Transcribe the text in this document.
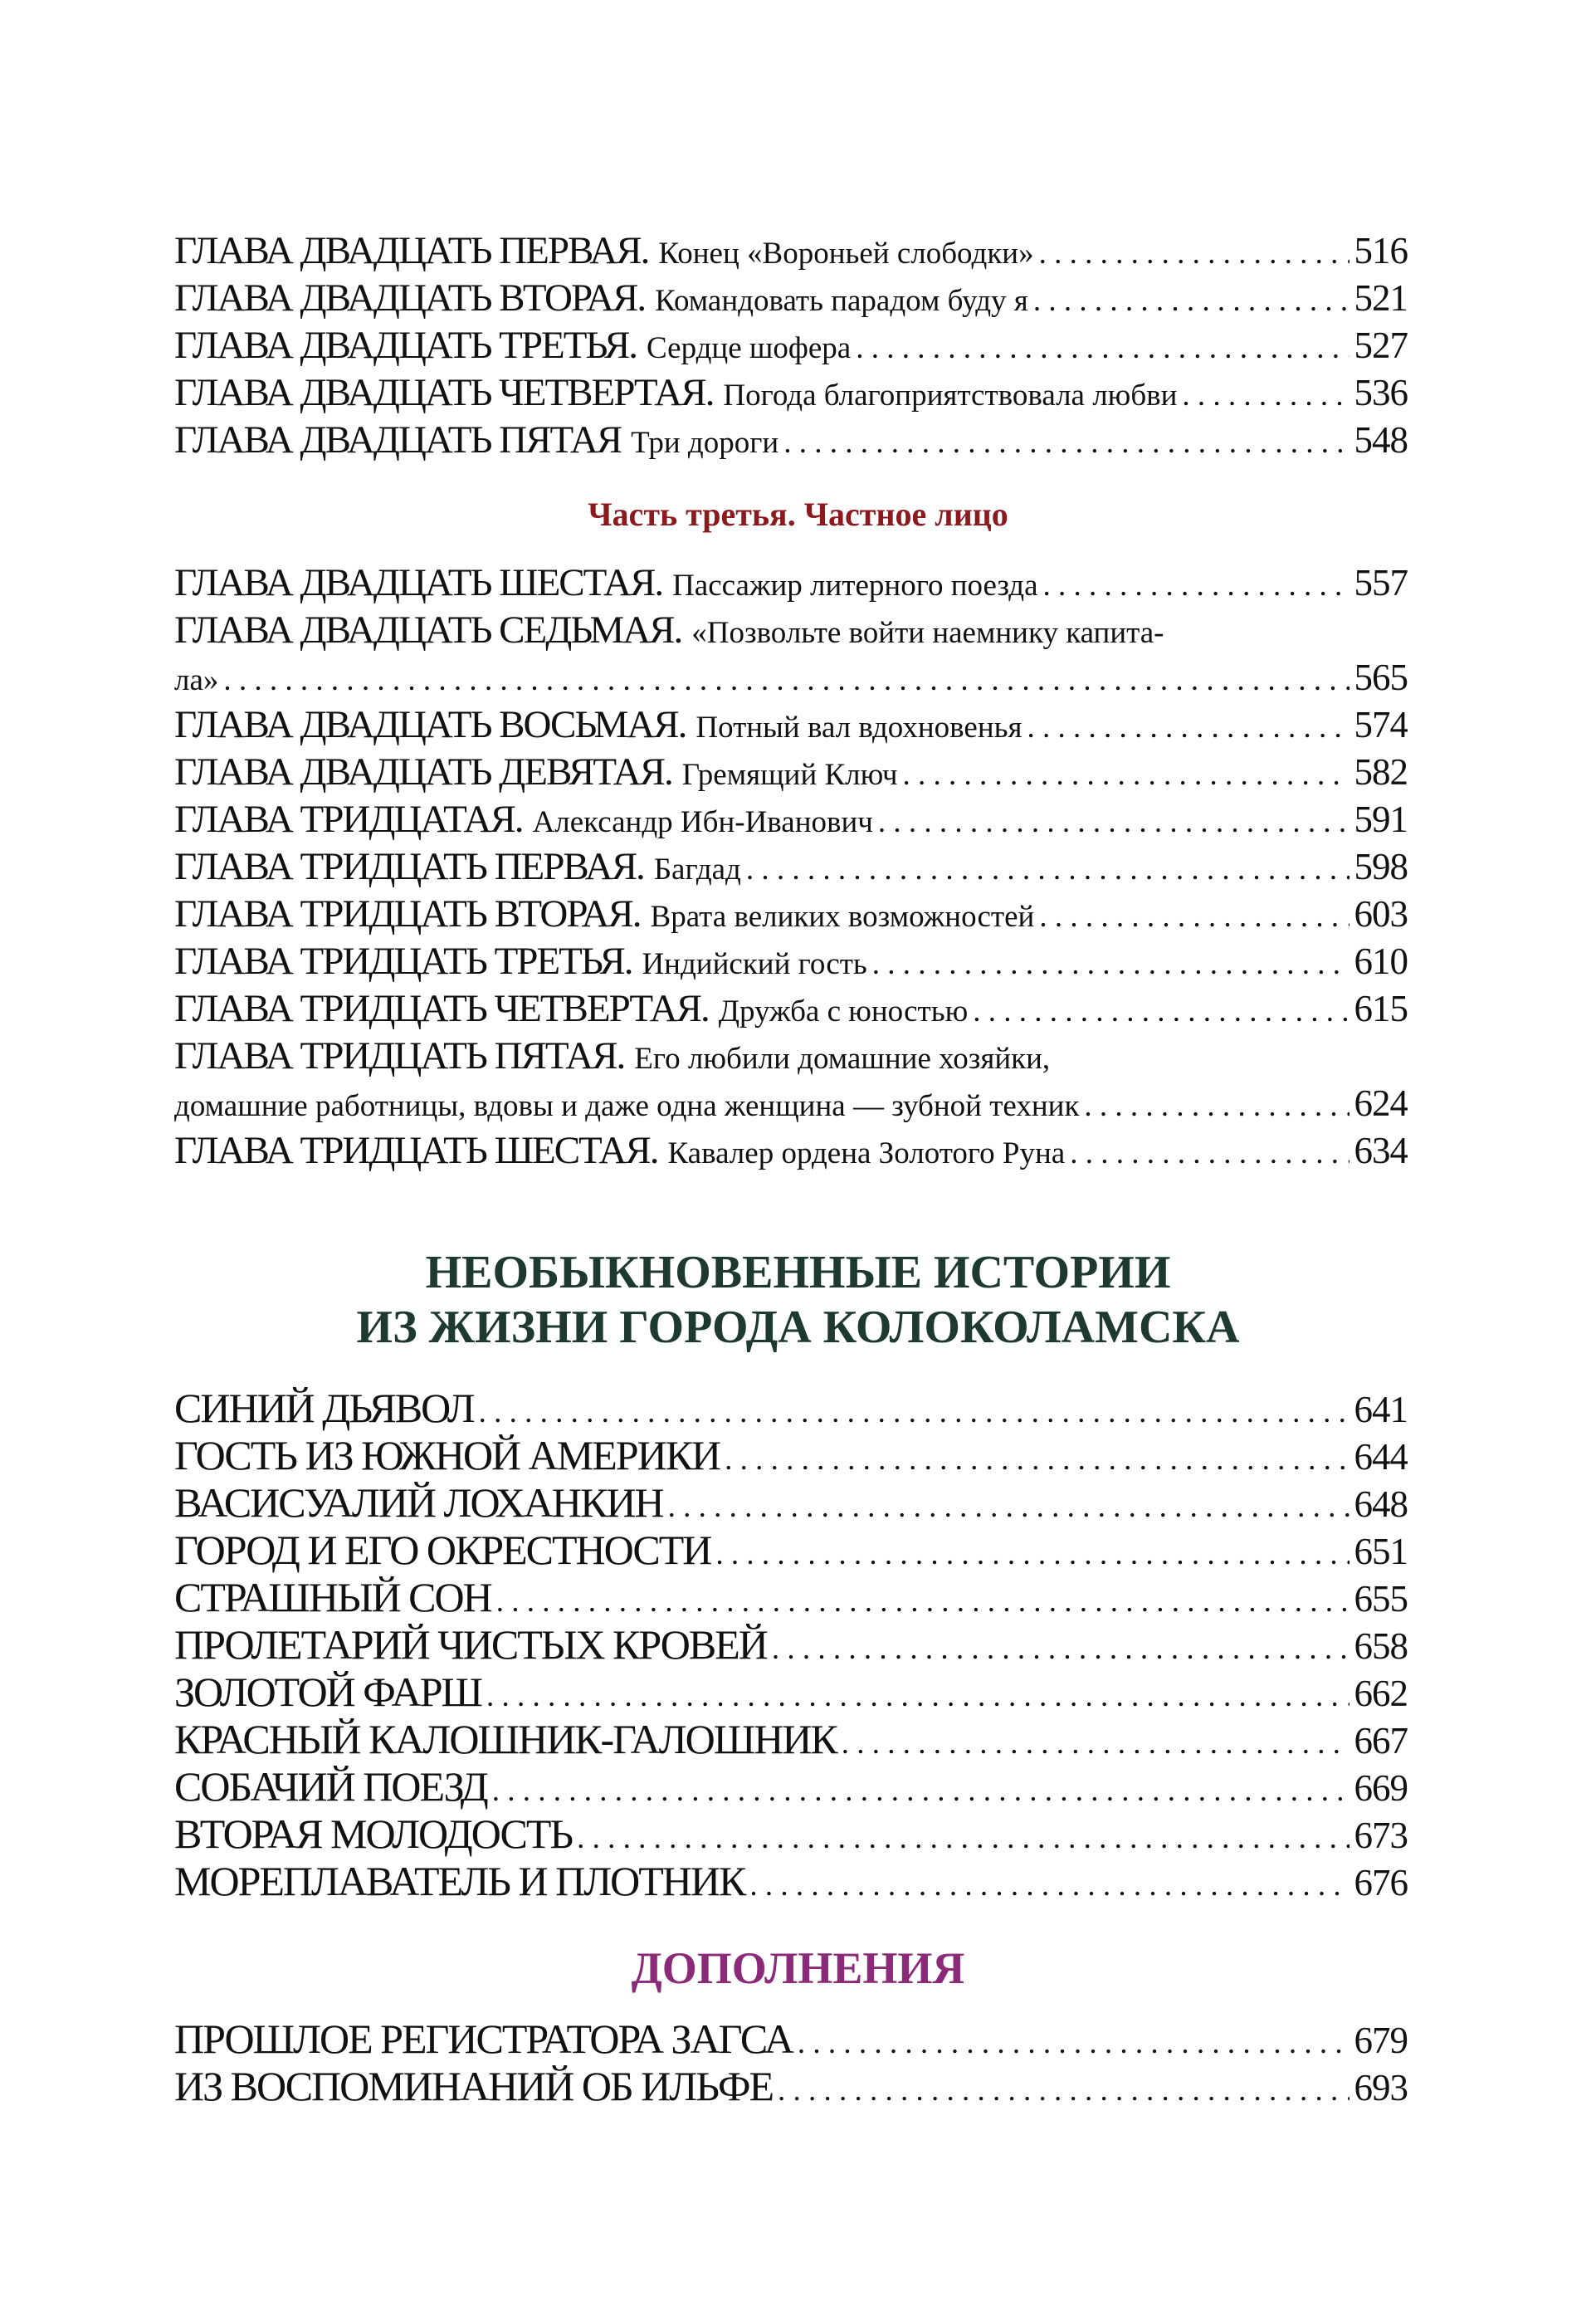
ГЛАВА ДВАДЦАТЬ ПЕРВАЯ. Конец «Вороньей слободки» . . .	516
ГЛАВА ДВАДЦАТЬ ВТОРАЯ. Командовать парадом буду я . . .	521
ГЛАВА ДВАДЦАТЬ ТРЕТЬЯ. Сердце шофера . . .	527
ГЛАВА ДВАДЦАТЬ ЧЕТВЕРТАЯ. Погода благоприятствовала любви . . .	536
ГЛАВА ДВАДЦАТЬ ПЯТАЯ Три дороги . . .	548
Часть третья. Частное лицо
ГЛАВА ДВАДЦАТЬ ШЕСТАЯ. Пассажир литерного поезда . . .	557
ГЛАВА ДВАДЦАТЬ СЕДЬМАЯ. «Позвольте войти наемнику капита-
ла» . . .	565
ГЛАВА ДВАДЦАТЬ ВОСЬМАЯ. Потный вал вдохновенья . . .	574
ГЛАВА ДВАДЦАТЬ ДЕВЯТАЯ. Гремящий Ключ . . .	582
ГЛАВА ТРИДЦАТАЯ. Александр Ибн-Иванович . . .	591
ГЛАВА ТРИДЦАТЬ ПЕРВАЯ. Багдад . . .	598
ГЛАВА ТРИДЦАТЬ ВТОРАЯ. Врата великих возможностей . . .	603
ГЛАВА ТРИДЦАТЬ ТРЕТЬЯ. Индийский гость . . .	610
ГЛАВА ТРИДЦАТЬ ЧЕТВЕРТАЯ. Дружба с юностью . . .	615
ГЛАВА ТРИДЦАТЬ ПЯТАЯ. Его любили домашние хозяйки,
домашние работницы, вдовы и даже одна женщина — зубной техник . . .	624
ГЛАВА ТРИДЦАТЬ ШЕСТАЯ. Кавалер ордена Золотого Руна . . .	634
НЕОБЫКНОВЕННЫЕ ИСТОРИИ
ИЗ ЖИЗНИ ГОРОДА КОЛОКОЛАМСКА
СИНИЙ ДЬЯВОЛ . . .	641
ГОСТЬ ИЗ ЮЖНОЙ АМЕРИКИ . . .	644
ВАСИСУАЛИЙ ЛОХАНКИН . . .	648
ГОРОД И ЕГО ОКРЕСТНОСТИ . . .	651
СТРАШНЫЙ СОН . . .	655
ПРОЛЕТАРИЙ ЧИСТЫХ КРОВЕЙ . . .	658
ЗОЛОТОЙ ФАРШ . . .	662
КРАСНЫЙ КАЛОШНИК-ГАЛОШНИК . . .	667
СОБАЧИЙ ПОЕЗД . . .	669
ВТОРАЯ МОЛОДОСТЬ . . .	673
МОРЕПЛАВАТЕЛЬ И ПЛОТНИК . . .	676
ДОПОЛНЕНИЯ
ПРОШЛОЕ РЕГИСТРАТОРА ЗАГСА . . .	679
ИЗ ВОСПОМИНАНИЙ ОБ ИЛЬФЕ . . .	693
